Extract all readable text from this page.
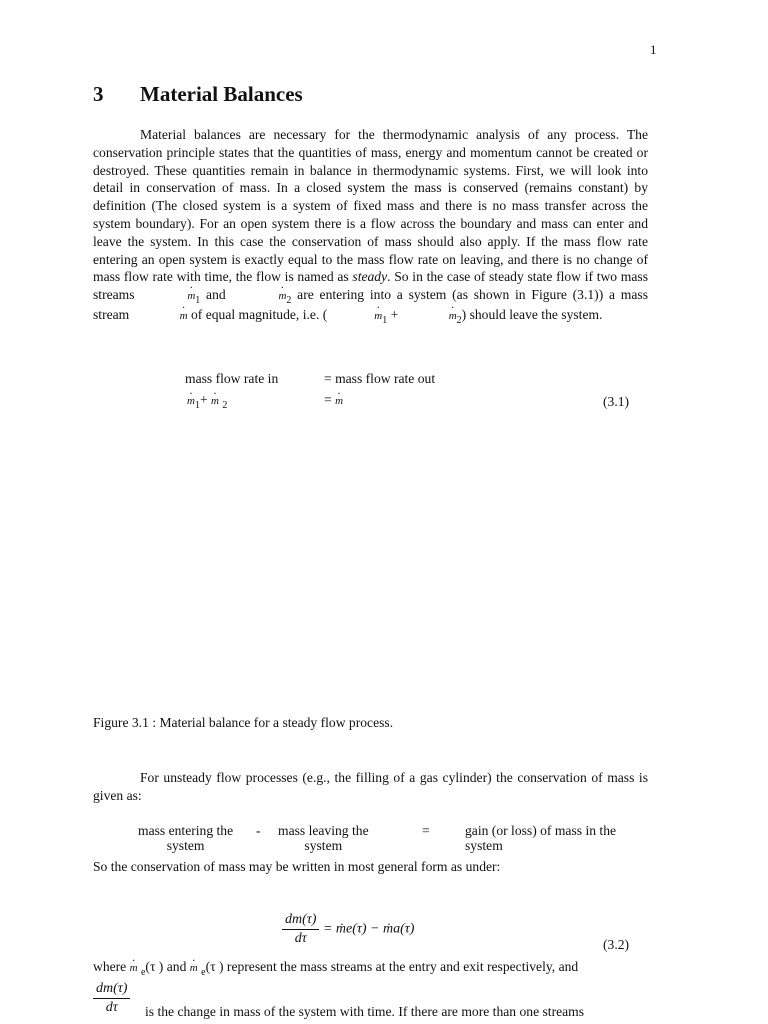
1
3 Material Balances

Material balances are necessary for the thermodynamic analysis of any process. The conservation principle states that the quantities of mass, energy and momentum cannot be created or destroyed. These quantities remain in balance in thermodynamic systems. First, we will look into detail in conservation of mass. In a closed system the mass is conserved (remains constant) by definition (The closed system is a system of fixed mass and there is no mass transfer across the system boundary). For an open system there is a flow across the boundary and mass can enter and leave the system. In this case the conservation of mass should also apply. If the mass flow rate entering an open system is exactly equal to the mass flow rate on leaving, and there is no change of mass flow rate with time, the flow is named as steady. So in the case of steady state flow if two mass streams	· $m_1$ and	· $m_2$ are entering into a system (as shown in Figure (3.1)) a mass stream	· m of equal magnitude, i.e. (	· $m_1$ +	· $m_2$) should leave the system.

mass flow rate in	= mass flow rate out
· $m_1+ \cdot m$ $_2$	= · m	(3.1)
Figure 3.1 : Material balance for a steady flow process.

For unsteady flow processes (e.g., the filling of a gas cylinder) the conservation of mass is given as:

mass entering the
system
- mass leaving the
system
=	gain (or loss) of mass in the
system
So the conservation of mass may be written in most general form as under:
$\frac{dm(\tau)}{d\tau}$ = ṁe(τ) − ṁa(τ)
(3.2)
where · m $_e$(τ ) and · m $_e$(τ ) represent the mass streams at the entry and exit respectively, and
$\frac{dm(\tau)}{d\tau}$ is the change in mass of the system with time. If there are more than one streams
